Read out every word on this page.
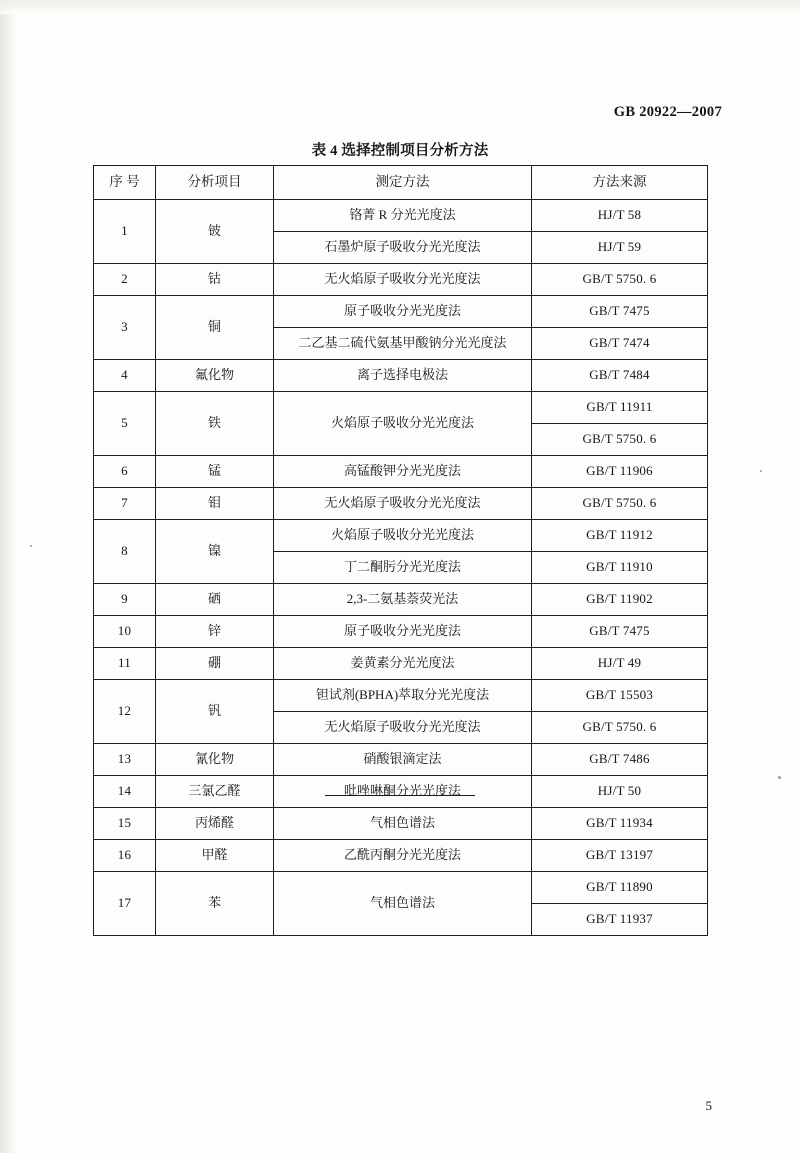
GB 20922—2007
表 4 选择控制项目分析方法
序 号	分析项目	测定方法	方法来源
1	铍	铬菁 R 分光光度法	HJ/T 58
		石墨炉原子吸收分光光度法	HJ/T 59
2	钴	无火焰原子吸收分光光度法	GB/T 5750. 6
3	铜	原子吸收分光光度法	GB/T 7475
		二乙基二硫代氨基甲酸钠分光光度法	GB/T 7474
4	氟化物	离子选择电极法	GB/T 7484
5	铁	火焰原子吸收分光光度法	GB/T 11911
			GB/T 5750. 6
6	锰	高锰酸钾分光光度法	GB/T 11906
7	钼	无火焰原子吸收分光光度法	GB/T 5750. 6
8	镍	火焰原子吸收分光光度法	GB/T 11912
		丁二酮肟分光光度法	GB/T 11910
9	硒	2,3-二氨基萘荧光法	GB/T 11902
10	锌	原子吸收分光光度法	GB/T 7475
11	硼	姜黄素分光光度法	HJ/T 49
12	钒	钽试剂(BPHA)萃取分光光度法	GB/T 15503
		无火焰原子吸收分光光度法	GB/T 5750. 6
13	氰化物	硝酸银滴定法	GB/T 7486
14	三氯乙醛	吡唑啉酮分光光度法	HJ/T 50
15	丙烯醛	气相色谱法	GB/T 11934
16	甲醛	乙酰丙酮分光光度法	GB/T 13197
17	苯	气相色谱法	GB/T 11890
			GB/T 11937
5
